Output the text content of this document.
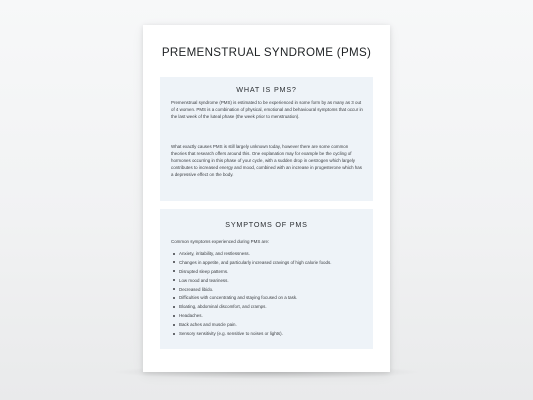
PREMENSTRUAL SYNDROME (PMS)
WHAT IS PMS?

Premenstrual syndrome (PMS) is estimated to be experienced in some form by as many as 3 out of 4 women. PMS is a combination of physical, emotional and behavioural symptoms that occur in the last week of the luteal phase (the week prior to menstruation).

What exactly causes PMS is still largely unknown today, however there are some common theories that research offers around this. One explanation may for example be the cycling of hormones occurring in this phase of your cycle, with a sudden drop in oestrogen which largely contributes to increased energy and mood, combined with an increase in progesterone which has a depressive effect on the body.

SYMPTOMS OF PMS

Common symptoms experienced during PMS are:

Anxiety, irritability, and restlessness.
Changes in appetite, and particularly increased cravings of high calorie foods.
Disrupted sleep patterns.
Low mood and teariness.
Decreased libido.
Difficulties with concentrating and staying focused on a task.
Bloating, abdominal discomfort, and cramps.
Headaches.
Back aches and muscle pain.
Sensory sensitivity (e.g. sensitive to noises or lights).
